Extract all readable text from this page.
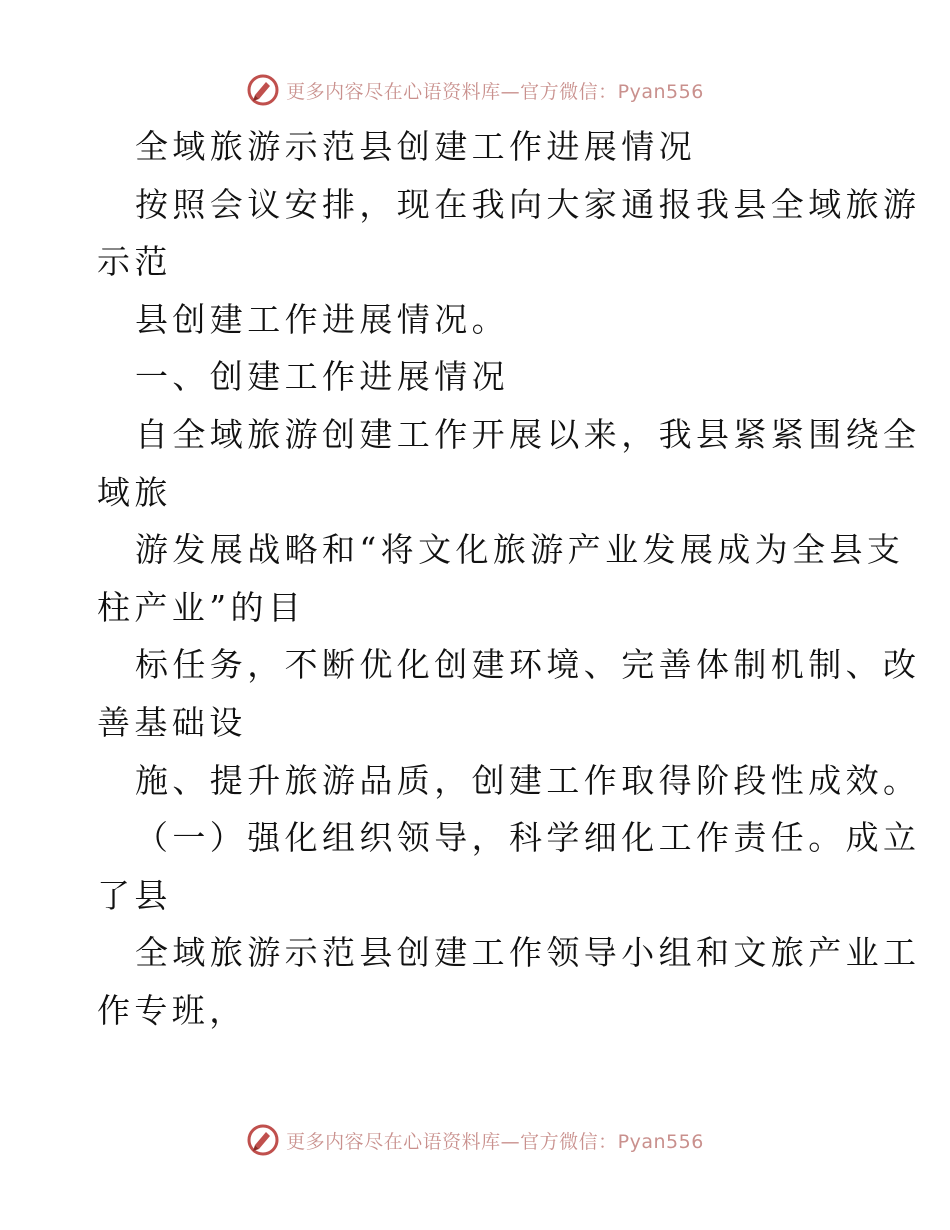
更多内容尽在心语资料库—官方微信：Pyan556
全域旅游示范县创建工作进展情况
按照会议安排，现在我向大家通报我县全域旅游
示范
县创建工作进展情况。
一、创建工作进展情况
自全域旅游创建工作开展以来，我县紧紧围绕全
域旅
游发展战略和“将文化旅游产业发展成为全县支
柱产业”的目
标任务，不断优化创建环境、完善体制机制、改
善基础设
施、提升旅游品质，创建工作取得阶段性成效。
（一）强化组织领导，科学细化工作责任。成立
了县
全域旅游示范县创建工作领导小组和文旅产业工
作专班，
更多内容尽在心语资料库—官方微信：Pyan556
